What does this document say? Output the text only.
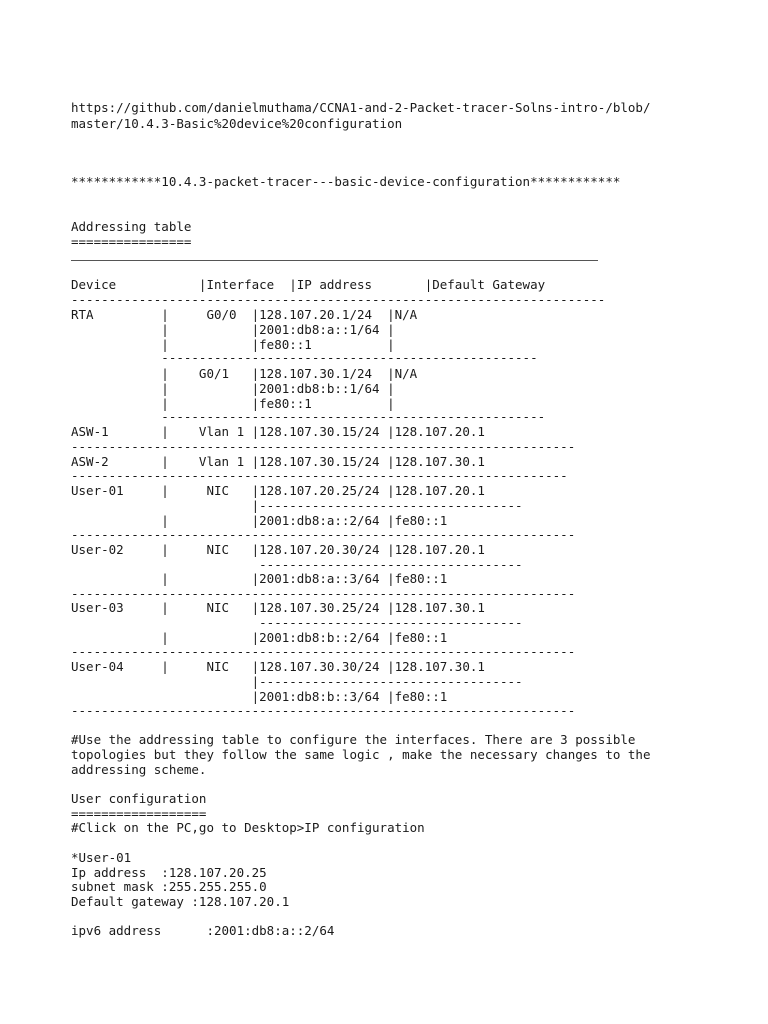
https://github.com/danielmuthama/CCNA1-and-2-Packet-tracer-Solns-intro-/blob/
master/10.4.3-Basic%20device%20configuration
************10.4.3-packet-tracer---basic-device-configuration************
Addressing table
================
Device           |Interface  |IP address       |Default Gateway
-----------------------------------------------------------------------
RTA         |     G0/0  |128.107.20.1/24  |N/A
|           |2001:db8:a::1/64 |
|           |fe80::1          |
--------------------------------------------------
|    G0/1   |128.107.30.1/24  |N/A
|           |2001:db8:b::1/64 |
|           |fe80::1          |
---------------------------------------------------
ASW-1       |    Vlan 1 |128.107.30.15/24 |128.107.20.1
-------------------------------------------------------------------
ASW-2       |    Vlan 1 |128.107.30.15/24 |128.107.30.1
------------------------------------------------------------------
User-01     |     NIC   |128.107.20.25/24 |128.107.20.1
|-----------------------------------
|           |2001:db8:a::2/64 |fe80::1
-------------------------------------------------------------------
User-02     |     NIC   |128.107.20.30/24 |128.107.20.1
-----------------------------------
|           |2001:db8:a::3/64 |fe80::1
-------------------------------------------------------------------
User-03     |     NIC   |128.107.30.25/24 |128.107.30.1
-----------------------------------
|           |2001:db8:b::2/64 |fe80::1
-------------------------------------------------------------------
User-04     |     NIC   |128.107.30.30/24 |128.107.30.1
|-----------------------------------
|2001:db8:b::3/64 |fe80::1
-------------------------------------------------------------------
#Use the addressing table to configure the interfaces. There are 3 possible
topologies but they follow the same logic , make the necessary changes to the
addressing scheme.
User configuration
==================
#Click on the PC,go to Desktop>IP configuration
*User-01
Ip address  :128.107.20.25
subnet mask :255.255.255.0
Default gateway :128.107.20.1
ipv6 address      :2001:db8:a::2/64
